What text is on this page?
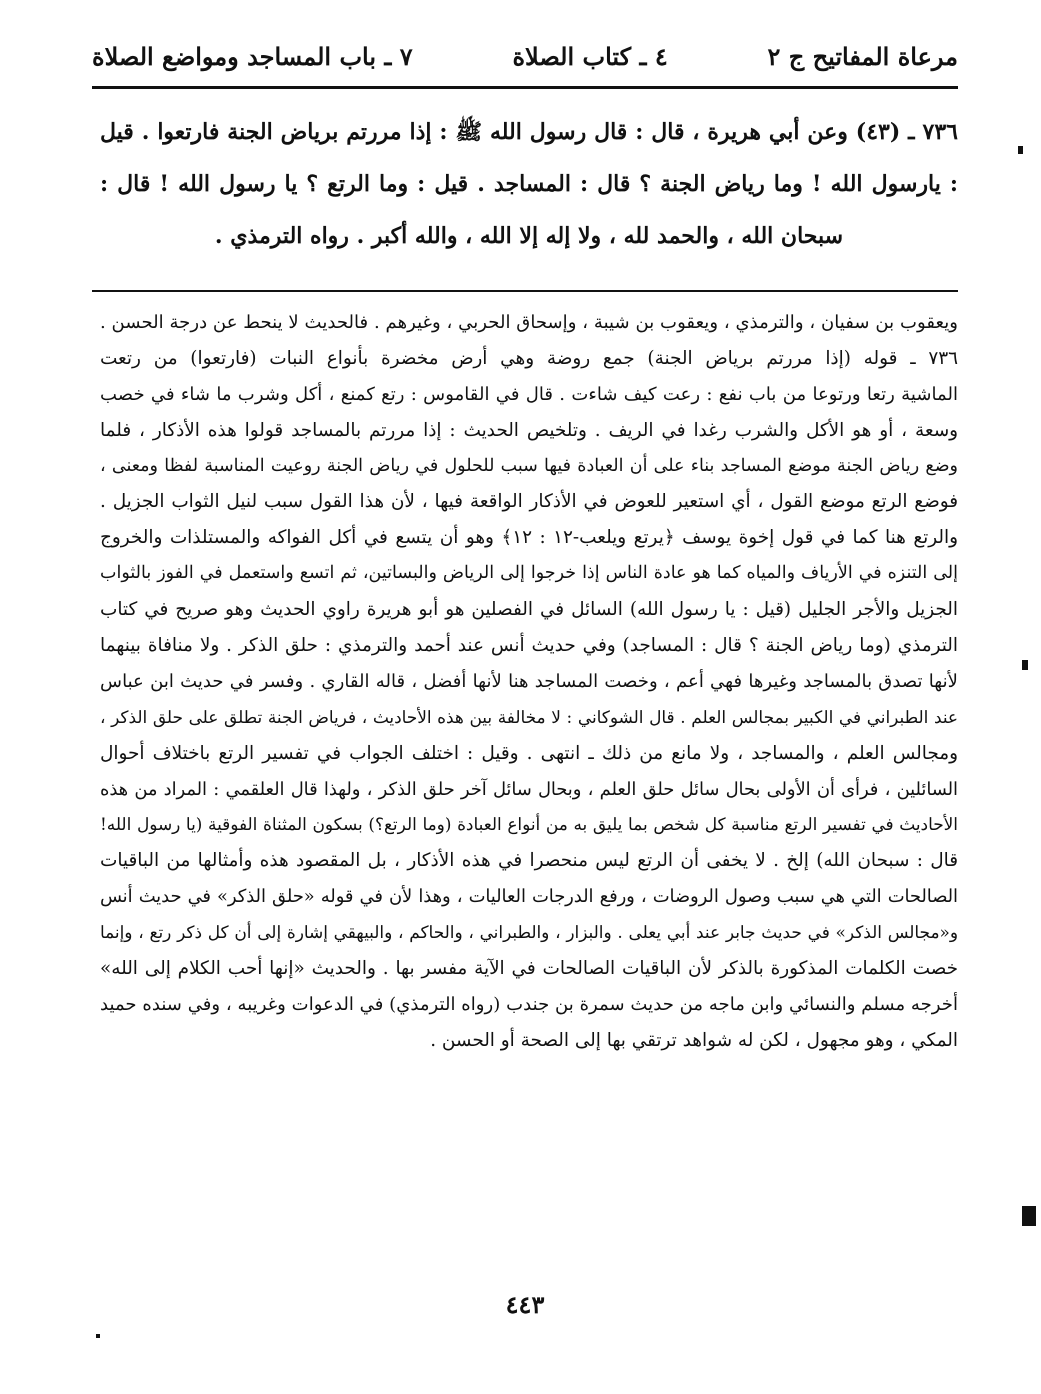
مرعاة المفاتيح ج ٢
٤ ـ كتاب الصلاة
٧ ـ باب المساجد ومواضع الصلاة
٧٣٦ ـ (٤٣) وعن أبي هريرة ، قال : قال رسول الله ﷺ : إذا مررتم برياض الجنة فارتعوا . قيل : يارسول الله ! وما رياض الجنة ؟ قال : المساجد . قيل : وما الرتع ؟ يا رسول الله ! قال : سبحان الله ، والحمد لله ، ولا إله إلا الله ، والله أكبر . رواه الترمذي .
ويعقوب بن سفيان ، والترمذي ، ويعقوب بن شيبة ، وإسحاق الحربي ، وغيرهم . فالحديث لا ينحط عن درجة الحسن .
٧٣٦ ـ قوله (إذا مررتم برياض الجنة) جمع روضة وهي أرض مخضرة بأنواع النبات (فارتعوا) من رتعت
الماشية رتعا ورتوعا من باب نفع : رعت كيف شاءت . قال في القاموس : رتع كمنع ، أكل وشرب ما شاء في خصب
وسعة ، أو هو الأكل والشرب رغدا في الريف . وتلخيص الحديث : إذا مررتم بالمساجد قولوا هذه الأذكار ، فلما
وضع رياض الجنة موضع المساجد بناء على أن العبادة فيها سبب للحلول في رياض الجنة روعيت المناسبة لفظا ومعنى ،
فوضع الرتع موضع القول ، أي استعير للعوض في الأذكار الواقعة فيها ، لأن هذا القول سبب لنيل الثواب الجزيل .
والرتع هنا كما في قول إخوة يوسف ﴿يرتع ويلعب-١٢ : ١٢﴾ وهو أن يتسع في أكل الفواكه والمستلذات والخروج
إلى التنزه في الأرياف والمياه كما هو عادة الناس إذا خرجوا إلى الرياض والبساتين، ثم اتسع واستعمل في الفوز بالثواب
الجزيل والأجر الجليل (قيل : يا رسول الله) السائل في الفصلين هو أبو هريرة راوي الحديث وهو صريح في كتاب
الترمذي (وما رياض الجنة ؟ قال : المساجد) وفي حديث أنس عند أحمد والترمذي : حلق الذكر . ولا منافاة بينهما
لأنها تصدق بالمساجد وغيرها فهي أعم ، وخصت المساجد هنا لأنها أفضل ، قاله القاري . وفسر في حديث ابن عباس
عند الطبراني في الكبير بمجالس العلم . قال الشوكاني : لا مخالفة بين هذه الأحاديث ، فرياض الجنة تطلق على حلق الذكر ،
ومجالس العلم ، والمساجد ، ولا مانع من ذلك ـ انتهى . وقيل : اختلف الجواب في تفسير الرتع باختلاف أحوال
السائلين ، فرأى أن الأولى بحال سائل حلق العلم ، وبحال سائل آخر حلق الذكر ، ولهذا قال العلقمي : المراد من هذه
الأحاديث في تفسير الرتع مناسبة كل شخص بما يليق به من أنواع العبادة (وما الرتع؟) بسكون المثناة الفوقية (يا رسول الله!
قال : سبحان الله) إلخ . لا يخفى أن الرتع ليس منحصرا في هذه الأذكار ، بل المقصود هذه وأمثالها من الباقيات
الصالحات التي هي سبب وصول الروضات ، ورفع الدرجات العاليات ، وهذا لأن في قوله «حلق الذكر» في حديث أنس
و«مجالس الذكر» في حديث جابر عند أبي يعلى . والبزار ، والطبراني ، والحاكم ، والبيهقي إشارة إلى أن كل ذكر رتع ، وإنما
خصت الكلمات المذكورة بالذكر لأن الباقيات الصالحات في الآية مفسر بها . والحديث «إنها أحب الكلام إلى الله»
أخرجه مسلم والنسائي وابن ماجه من حديث سمرة بن جندب (رواه الترمذي) في الدعوات وغريبه ، وفي سنده حميد
المكي ، وهو مجهول ، لكن له شواهد ترتقي بها إلى الصحة أو الحسن .
٤٤٣
